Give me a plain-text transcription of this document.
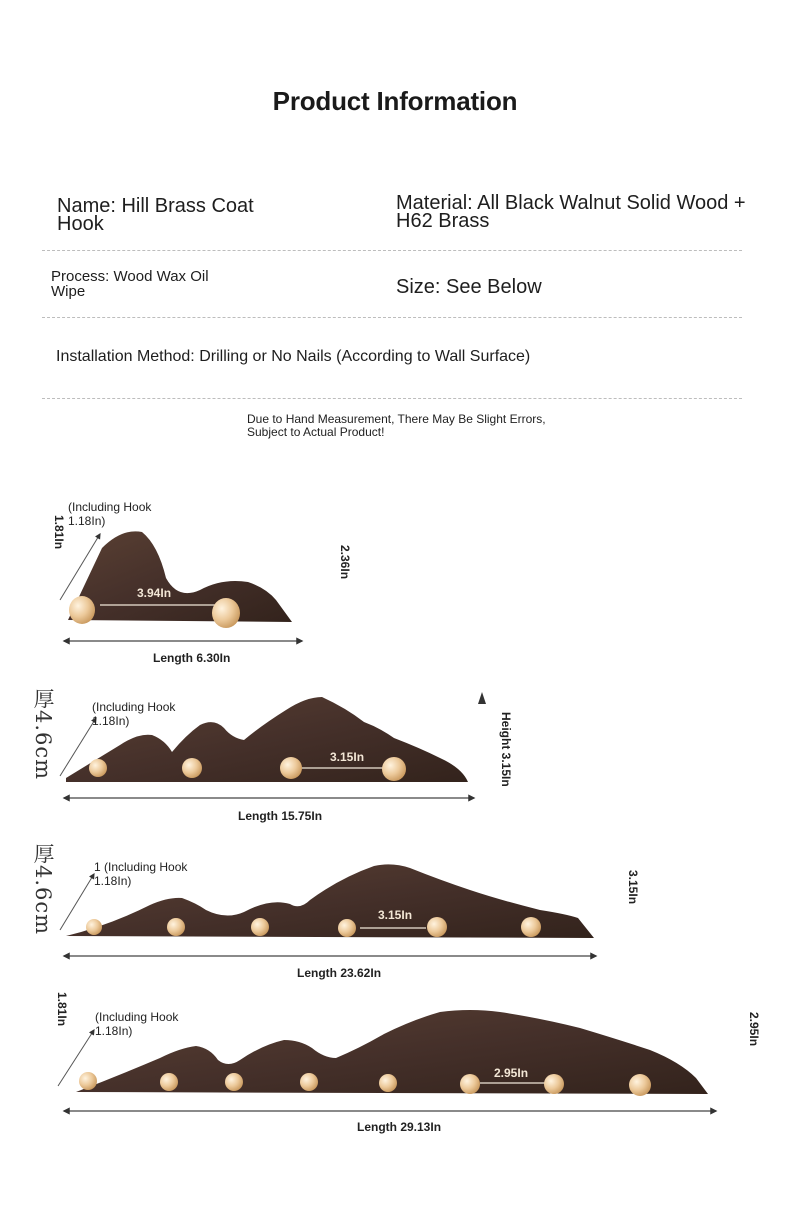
Product Information
Name: Hill Brass Coat
Hook
Material: All Black Walnut Solid Wood +
H62 Brass
Process: Wood Wax Oil
Wipe	Size: See Below
Installation Method: Drilling or No Nails (According to Wall Surface)
Due to Hand Measurement, There May Be Slight Errors,
Subject to Actual Product!
(Including Hook
1.18In)
1.81In
2.36In
3.94In
Length 6.30In
厚4.6cm	(Including Hook
1.18In)	Height 3.15In
3.15In
Length 15.75In
厚4.6cm	1 (Including Hook
1.18In)	3.15In
3.15In
Length 23.62In
1.81In (Including Hook
1.18In)	2.95In
2.95In
Length 29.13In
